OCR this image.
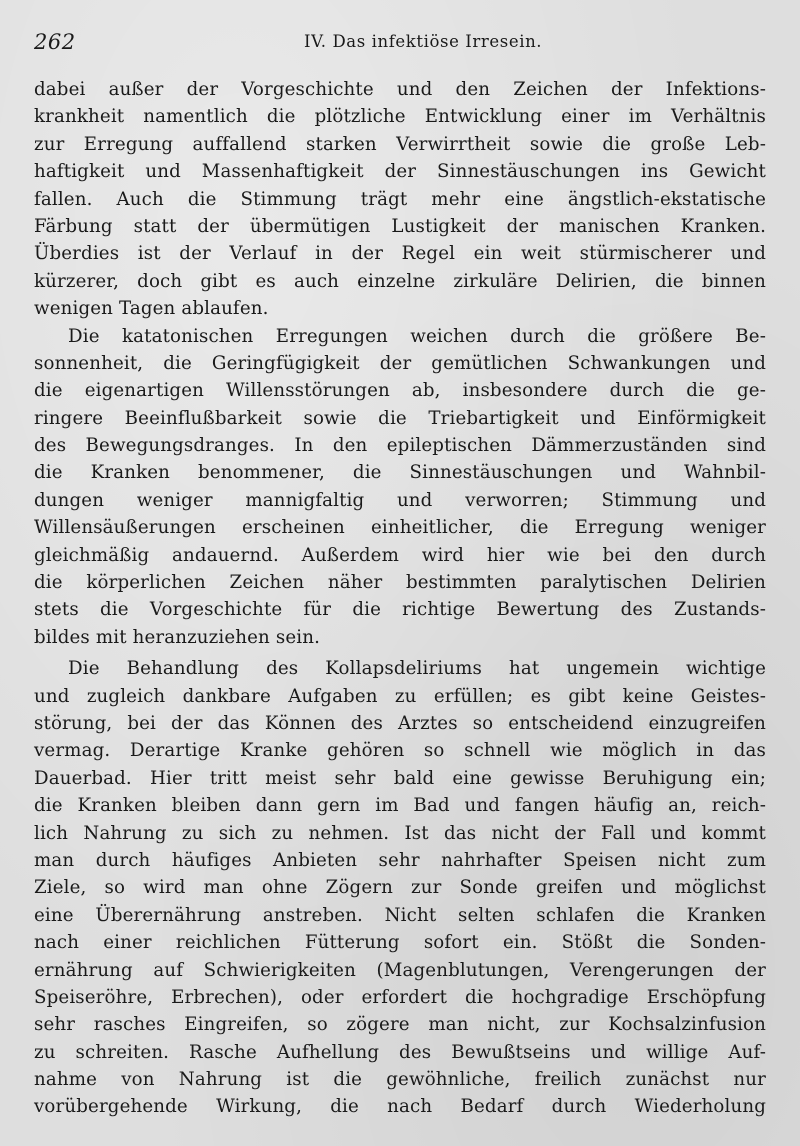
262	IV. Das infektiöse Irresein.
dabei außer der Vorgeschichte und den Zeichen der Infektions-
krankheit namentlich die plötzliche Entwicklung einer im Verhältnis
zur Erregung auffallend starken Verwirrtheit sowie die große Leb-
haftigkeit und Massenhaftigkeit der Sinnestäuschungen ins Gewicht
fallen. Auch die Stimmung trägt mehr eine ängstlich-ekstatische
Färbung statt der übermütigen Lustigkeit der manischen Kranken.
Überdies ist der Verlauf in der Regel ein weit stürmischerer und
kürzerer, doch gibt es auch einzelne zirkuläre Delirien, die binnen
wenigen Tagen ablaufen.
Die katatonischen Erregungen weichen durch die größere Be-
sonnenheit, die Geringfügigkeit der gemütlichen Schwankungen und
die eigenartigen Willensstörungen ab, insbesondere durch die ge-
ringere Beeinflußbarkeit sowie die Triebartigkeit und Einförmigkeit
des Bewegungsdranges. In den epileptischen Dämmerzuständen sind
die Kranken benommener, die Sinnestäuschungen und Wahnbil-
dungen weniger mannigfaltig und verworren; Stimmung und
Willensäußerungen erscheinen einheitlicher, die Erregung weniger
gleichmäßig andauernd. Außerdem wird hier wie bei den durch
die körperlichen Zeichen näher bestimmten paralytischen Delirien
stets die Vorgeschichte für die richtige Bewertung des Zustands-
bildes mit heranzuziehen sein.
Die Behandlung des Kollapsdeliriums hat ungemein wichtige
und zugleich dankbare Aufgaben zu erfüllen; es gibt keine Geistes-
störung, bei der das Können des Arztes so entscheidend einzugreifen
vermag. Derartige Kranke gehören so schnell wie möglich in das
Dauerbad. Hier tritt meist sehr bald eine gewisse Beruhigung ein;
die Kranken bleiben dann gern im Bad und fangen häufig an, reich-
lich Nahrung zu sich zu nehmen. Ist das nicht der Fall und kommt
man durch häufiges Anbieten sehr nahrhafter Speisen nicht zum
Ziele, so wird man ohne Zögern zur Sonde greifen und möglichst
eine Überernährung anstreben. Nicht selten schlafen die Kranken
nach einer reichlichen Fütterung sofort ein. Stößt die Sonden-
ernährung auf Schwierigkeiten (Magenblutungen, Verengerungen der
Speiseröhre, Erbrechen), oder erfordert die hochgradige Erschöpfung
sehr rasches Eingreifen, so zögere man nicht, zur Kochsalzinfusion
zu schreiten. Rasche Aufhellung des Bewußtseins und willige Auf-
nahme von Nahrung ist die gewöhnliche, freilich zunächst nur
vorübergehende Wirkung, die nach Bedarf durch Wiederholung
